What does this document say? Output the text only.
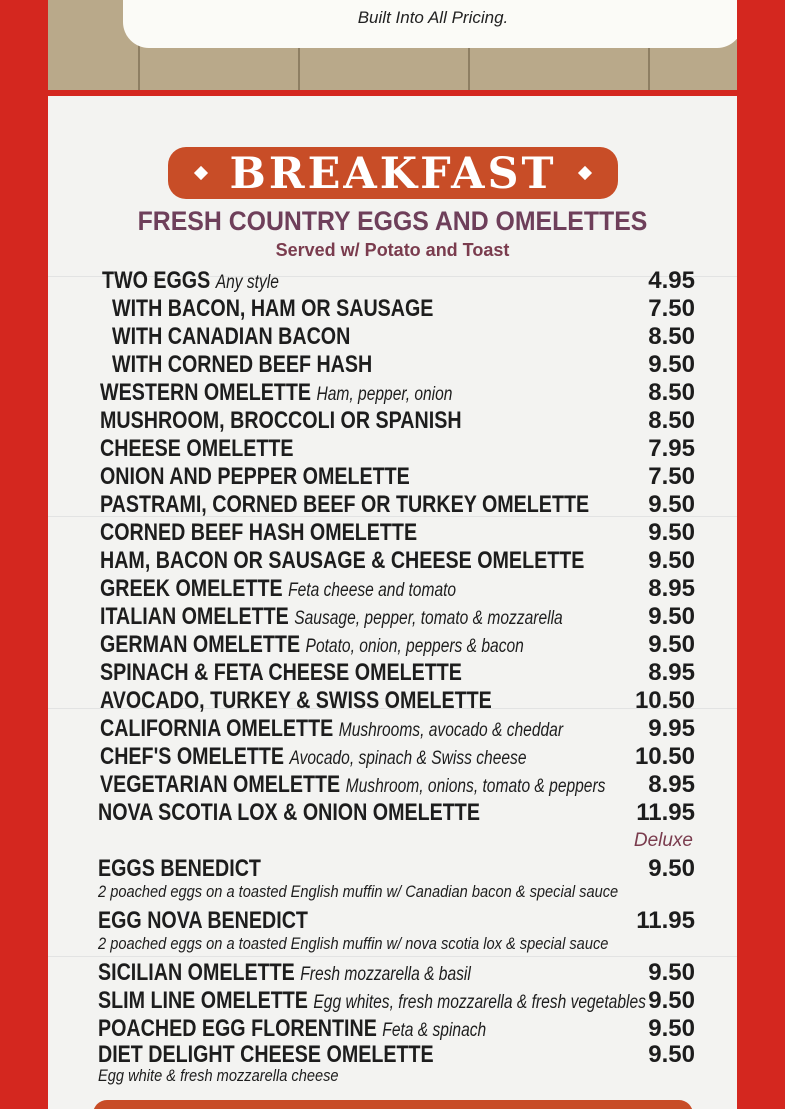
Built Into All Pricing.
BREAKFAST
FRESH COUNTRY EGGS AND OMELETTES
Served w/ Potato and Toast
TWO EGGS Any style	4.95
WITH BACON, HAM OR SAUSAGE	7.50
WITH CANADIAN BACON	8.50
WITH CORNED BEEF HASH	9.50
WESTERN OMELETTE Ham, pepper, onion	8.50
MUSHROOM, BROCCOLI OR SPANISH	8.50
CHEESE OMELETTE	7.95
ONION AND PEPPER OMELETTE	7.50
PASTRAMI, CORNED BEEF OR TURKEY OMELETTE 9.50
CORNED BEEF HASH OMELETTE	9.50
HAM, BACON OR SAUSAGE & CHEESE OMELETTE	9.50
GREEK OMELETTE Feta cheese and tomato	8.95
ITALIAN OMELETTE Sausage, pepper, tomato & mozzarella	9.50
GERMAN OMELETTE Potato, onion, peppers & bacon	9.50
SPINACH & FETA CHEESE OMELETTE	8.95
AVOCADO, TURKEY & SWISS OMELETTE	10.50
CALIFORNIA OMELETTE Mushrooms, avocado & cheddar	9.95
CHEF'S OMELETTE Avocado, spinach & Swiss cheese	10.50
VEGETARIAN OMELETTE Mushroom, onions, tomato & peppers 8.95
NOVA SCOTIA LOX & ONION OMELETTE	11.95
Deluxe
EGGS BENEDICT	9.50
2 poached eggs on a toasted English muffin w/ Canadian bacon & special sauce
EGG NOVA BENEDICT	11.95
2 poached eggs on a toasted English muffin w/ nova scotia lox & special sauce
SICILIAN OMELETTE Fresh mozzarella & basil	9.50
SLIM LINE OMELETTE Egg whites, fresh mozzarella & fresh vegetables 9.50
POACHED EGG FLORENTINE Feta & spinach	9.50
DIET DELIGHT CHEESE OMELETTE	9.50
Egg white & fresh mozzarella cheese
